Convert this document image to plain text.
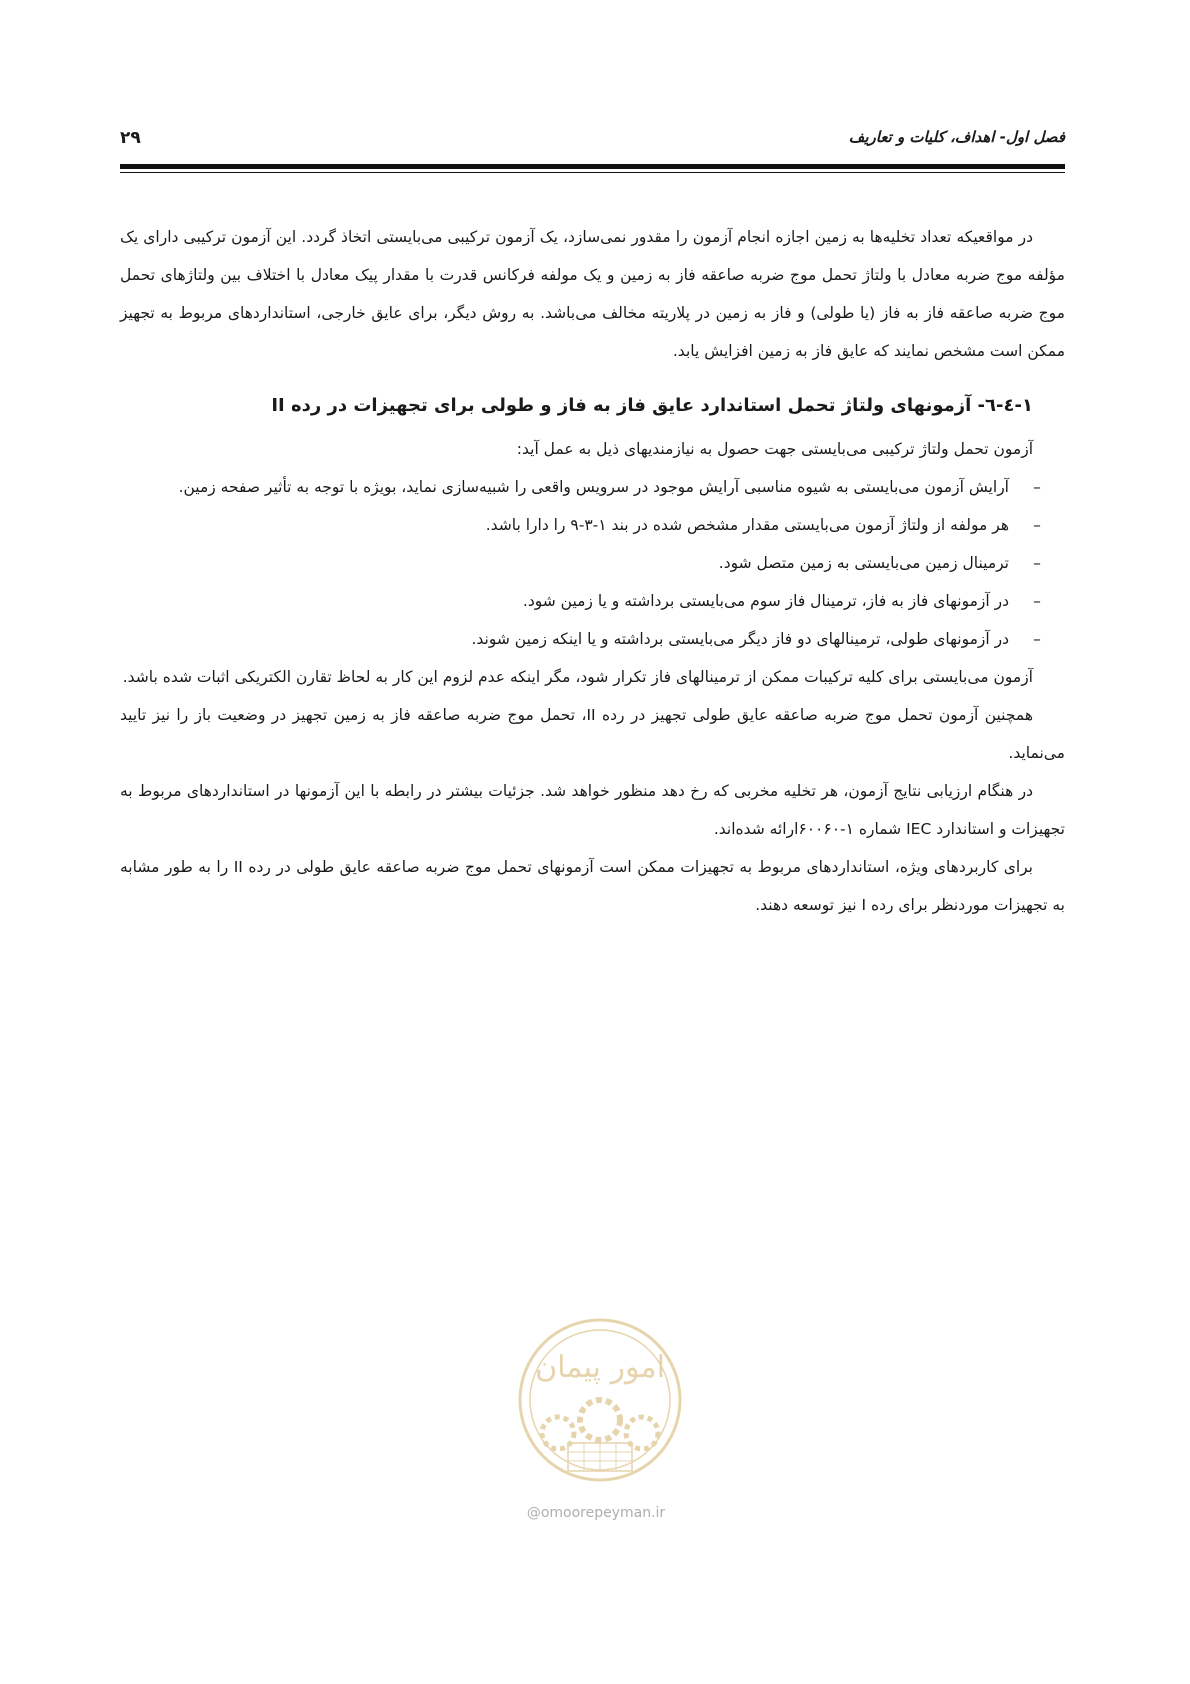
فصل اول- اهداف، کلیات و تعاریف
۲۹

در مواقعیکه تعداد تخلیه‌ها به زمین اجازه انجام آزمون را مقدور نمی‌سازد، یک آزمون ترکیبی می‌بایستی اتخاذ گردد. این آزمون ترکیبی دارای یک مؤلفه موج ضربه معادل با ولتاژ تحمل موج ضربه صاعقه فاز به زمین و یک مولفه فرکانس قدرت با مقدار پیک معادل با اختلاف بین ولتاژهای تحمل موج ضربه صاعقه فاز به فاز (یا طولی) و فاز به زمین در پلاریته مخالف می‌باشد. به روش دیگر، برای عایق خارجی، استانداردهای مربوط به تجهیز ممکن است مشخص نمایند که عایق فاز به زمین افزایش یابد.

۱-٤-٦- آزمونهای ولتاژ تحمل استاندارد عایق فاز به فاز و طولی برای تجهیزات در رده II

آزمون تحمل ولتاژ ترکیبی می‌بایستی جهت حصول به نیازمندیهای ذیل به عمل آید:

–
آرایش آزمون می‌بایستی به شیوه مناسبی آرایش موجود در سرویس واقعی را شبیه‌سازی نماید، بویژه با توجه به تأثیر صفحه زمین.
–
هر مولفه از ولتاژ آزمون می‌بایستی مقدار مشخص شده در بند ۱-۳-۹ را دارا باشد.
–
ترمینال زمین می‌بایستی به زمین متصل شود.
–
در آزمونهای فاز به فاز، ترمینال فاز سوم می‌بایستی برداشته و یا زمین شود.
–
در آزمونهای طولی، ترمینالهای دو فاز دیگر می‌بایستی برداشته و یا اینکه زمین شوند.

آزمون می‌بایستی برای کلیه ترکیبات ممکن از ترمینالهای فاز تکرار شود، مگر اینکه عدم لزوم این کار به لحاظ تقارن الکتریکی اثبات شده باشد.

همچنین آزمون تحمل موج ضربه صاعقه عایق طولی تجهیز در رده II، تحمل موج ضربه صاعقه فاز به زمین تجهیز در وضعیت باز را نیز تایید می‌نماید.

در هنگام ارزیابی نتایج آزمون، هر تخلیه مخربی که رخ دهد منظور خواهد شد. جزئیات بیشتر در رابطه با این آزمونها در استانداردهای مربوط به تجهیزات و استاندارد IEC شماره ۱-۶۰۰۶۰ارائه شده‌اند.

برای کاربردهای ویژه، استانداردهای مربوط به تجهیزات ممکن است آزمونهای تحمل موج ضربه صاعقه عایق طولی در رده II را به طور مشابه به تجهیزات موردنظر برای رده I نیز توسعه دهند.

امور پیمان
@omoorepeyman.ir
